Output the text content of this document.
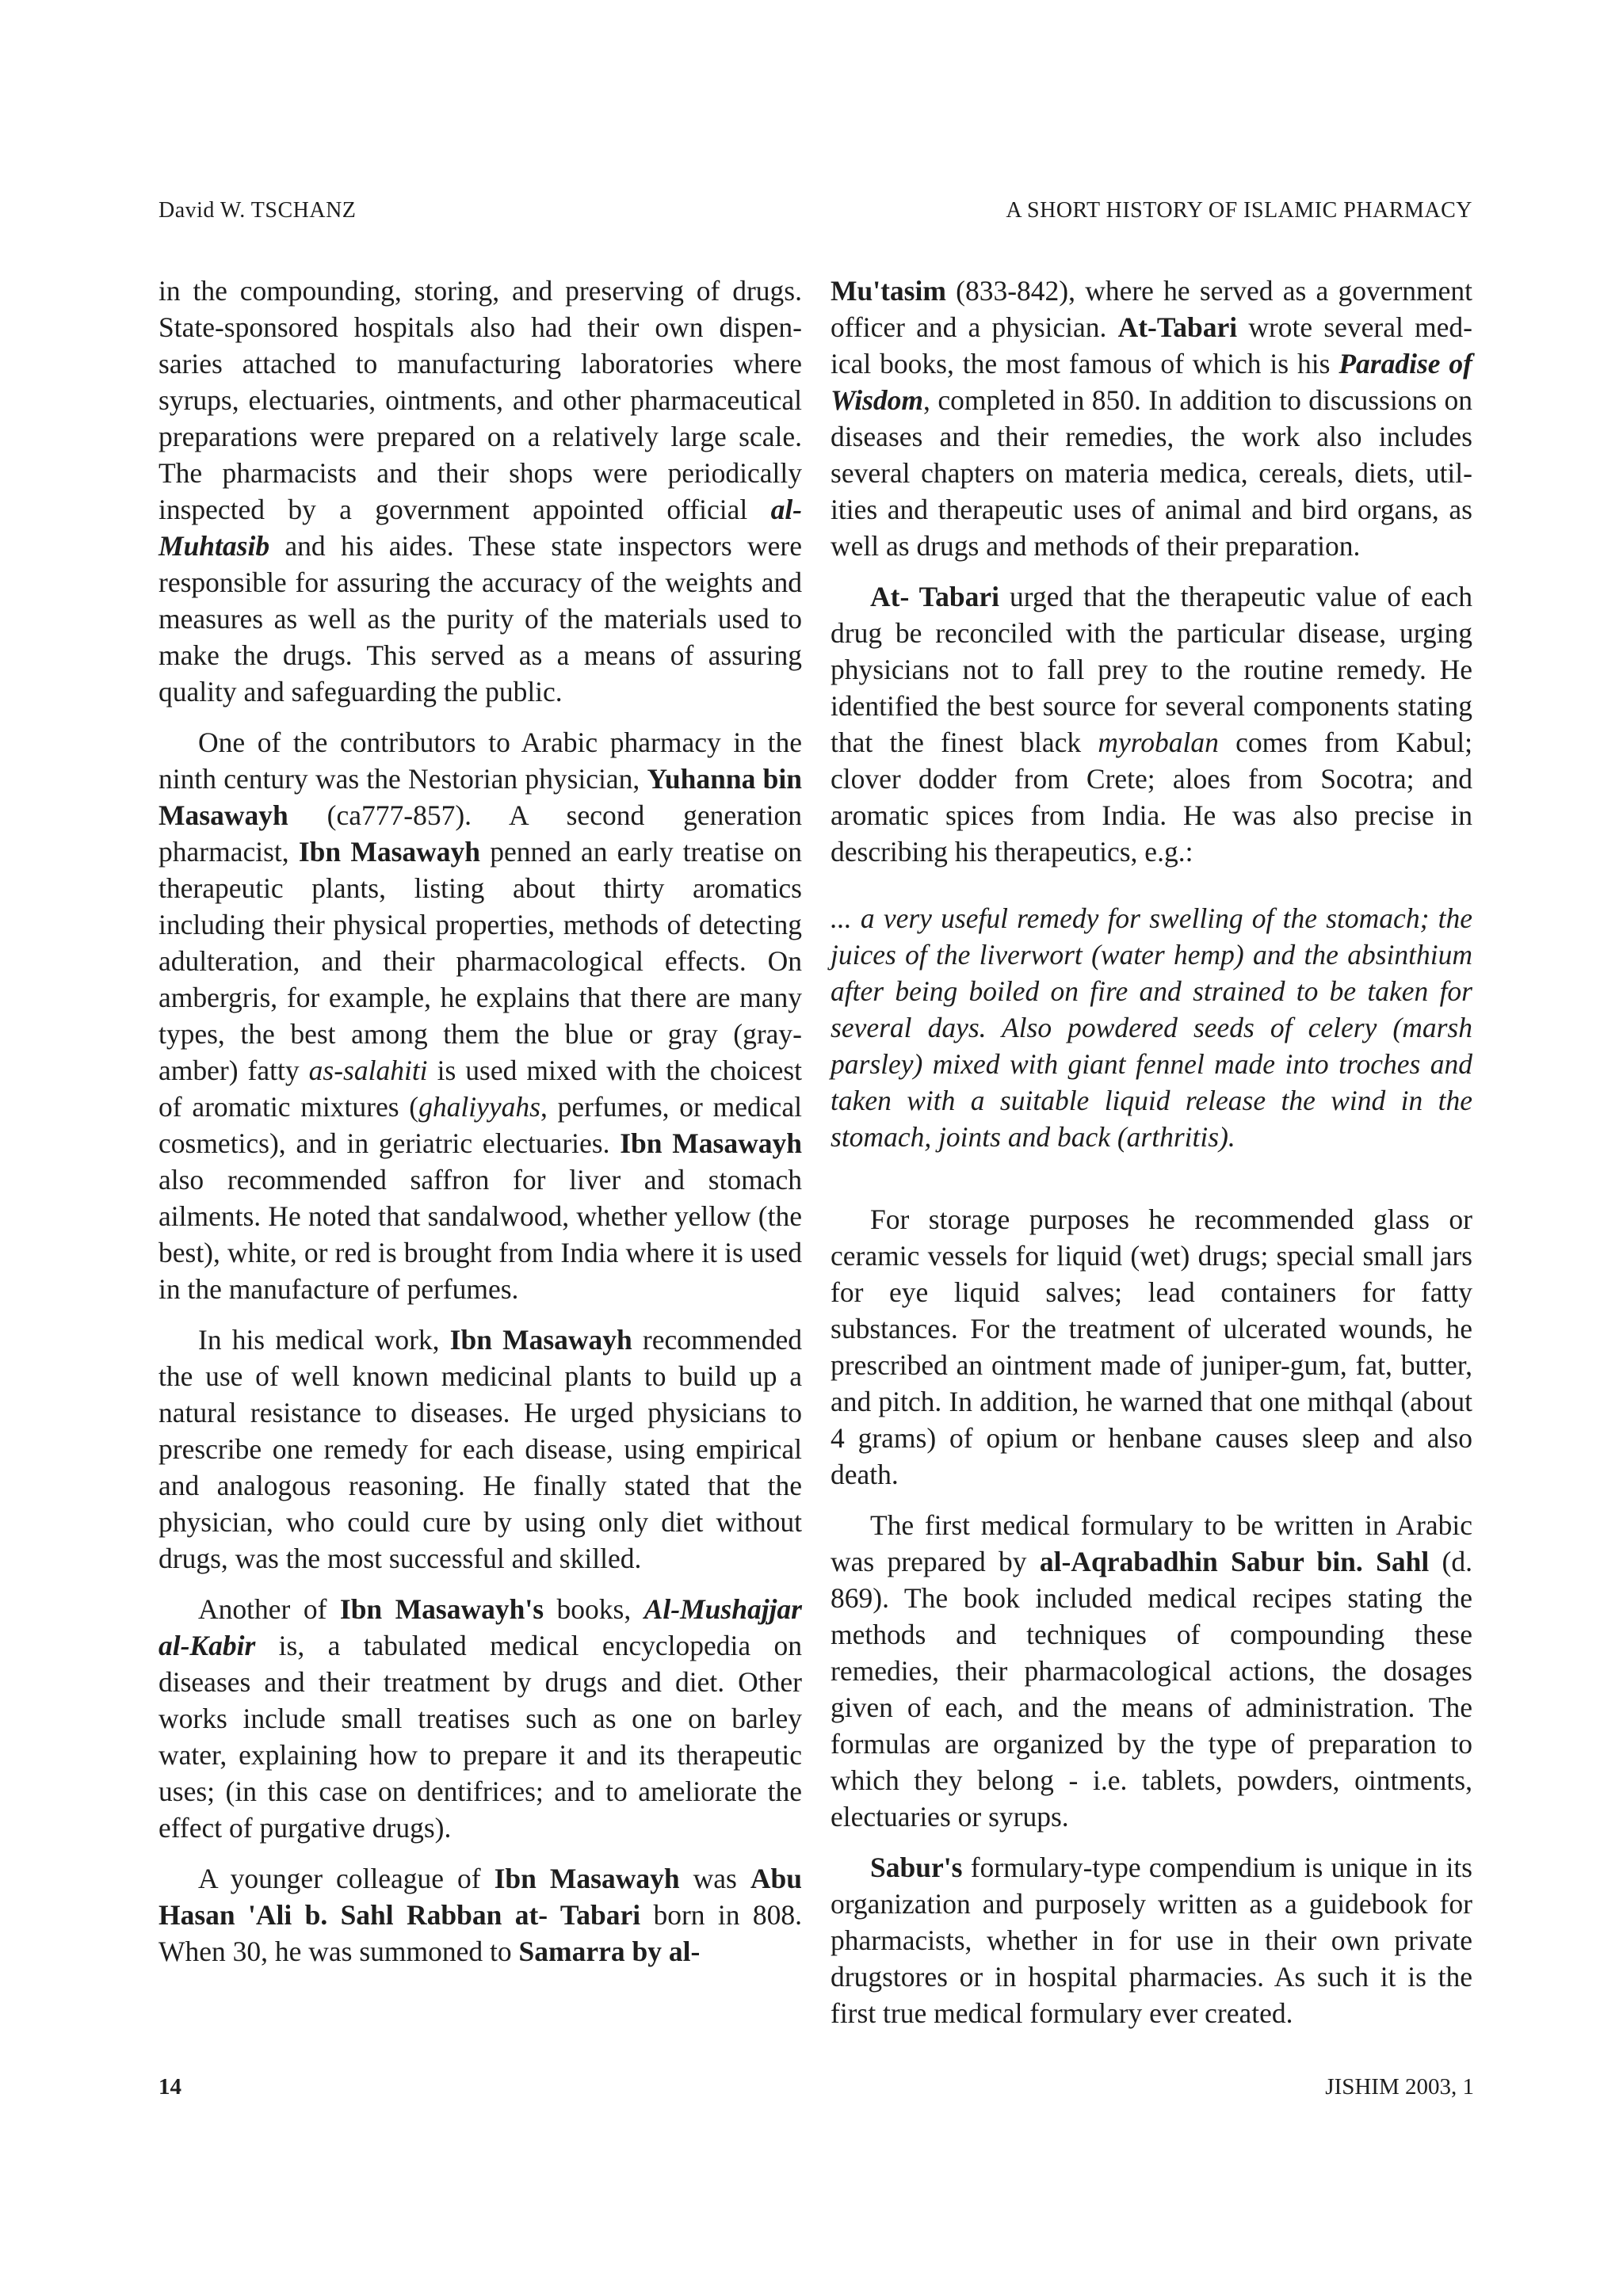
David W. TSCHANZ	A SHORT HISTORY OF ISLAMIC PHARMACY

in the compounding, storing, and preserving of drugs. State-sponsored hospitals also had their own dispensaries attached to manufacturing laboratories where syrups, electuaries, ointments, and other pharmaceutical preparations were prepared on a relatively large scale. The pharmacists and their shops were periodically inspected by a government appointed official al-Muhtasib and his aides. These state inspectors were responsible for assuring the accuracy of the weights and measures as well as the purity of the materials used to make the drugs. This served as a means of assuring quality and safeguarding the public.

One of the contributors to Arabic pharmacy in the ninth century was the Nestorian physician, Yuhanna bin Masawayh (ca777-857). A second generation pharmacist, Ibn Masawayh penned an early treatise on therapeutic plants, listing about thirty aromatics including their physical properties, methods of detecting adulteration, and their pharmacological effects. On ambergris, for example, he explains that there are many types, the best among them the blue or gray (gray-amber) fatty as-salahiti is used mixed with the choicest of aromatic mixtures (ghaliyyahs, perfumes, or medical cosmetics), and in geriatric electuaries. Ibn Masawayh also recommended saffron for liver and stomach ailments. He noted that sandalwood, whether yellow (the best), white, or red is brought from India where it is used in the manufacture of perfumes.

In his medical work, Ibn Masawayh recommended the use of well known medicinal plants to build up a natural resistance to diseases. He urged physicians to prescribe one remedy for each disease, using empirical and analogous reasoning. He finally stated that the physician, who could cure by using only diet without drugs, was the most successful and skilled.

Another of Ibn Masawayh's books, Al-Mushajjar al-Kabir is, a tabulated medical encyclopedia on diseases and their treatment by drugs and diet. Other works include small treatises such as one on barley water, explaining how to prepare it and its therapeutic uses; (in this case on dentifrices; and to ameliorate the effect of purgative drugs).

A younger colleague of Ibn Masawayh was Abu Hasan 'Ali b. Sahl Rabban at- Tabari born in 808. When 30, he was summoned to Samarra by al-

Mu'tasim (833-842), where he served as a government officer and a physician. At-Tabari wrote several medical books, the most famous of which is his Paradise of Wisdom, completed in 850. In addition to discussions on diseases and their remedies, the work also includes several chapters on materia medica, cereals, diets, utilities and therapeutic uses of animal and bird organs, as well as drugs and methods of their preparation.

At- Tabari urged that the therapeutic value of each drug be reconciled with the particular disease, urging physicians not to fall prey to the routine remedy. He identified the best source for several components stating that the finest black myrobalan comes from Kabul; clover dodder from Crete; aloes from Socotra; and aromatic spices from India. He was also precise in describing his therapeutics, e.g.:

... a very useful remedy for swelling of the stomach; the juices of the liverwort (water hemp) and the absinthium after being boiled on fire and strained to be taken for several days. Also powdered seeds of celery (marsh parsley) mixed with giant fennel made into troches and taken with a suitable liquid release the wind in the stomach, joints and back (arthritis).

For storage purposes he recommended glass or ceramic vessels for liquid (wet) drugs; special small jars for eye liquid salves; lead containers for fatty substances. For the treatment of ulcerated wounds, he prescribed an ointment made of juniper-gum, fat, butter, and pitch. In addition, he warned that one mithqal (about 4 grams) of opium or henbane causes sleep and also death.

The first medical formulary to be written in Arabic was prepared by al-Aqrabadhin Sabur bin. Sahl (d. 869). The book included medical recipes stating the methods and techniques of compounding these remedies, their pharmacological actions, the dosages given of each, and the means of administration. The formulas are organized by the type of preparation to which they belong - i.e. tablets, powders, ointments, electuaries or syrups.

Sabur's formulary-type compendium is unique in its organization and purposely written as a guidebook for pharmacists, whether in for use in their own private drugstores or in hospital pharmacies. As such it is the first true medical formulary ever created.

14	JISHIM 2003, 1
